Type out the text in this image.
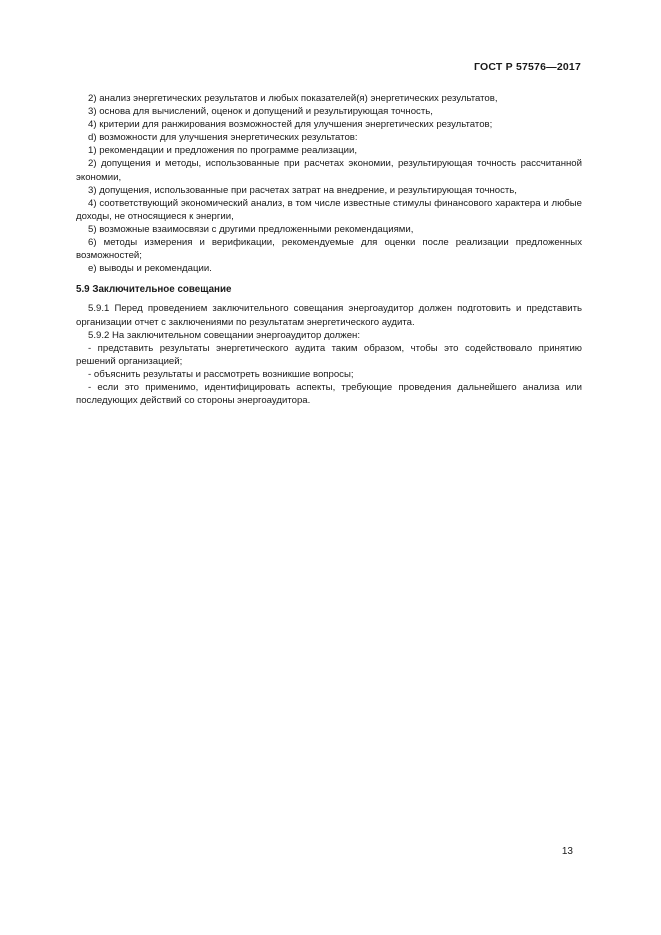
ГОСТ Р 57576—2017
2) анализ энергетических результатов и любых показателей(я) энергетических результатов,
3) основа для вычислений, оценок и допущений и результирующая точность,
4) критерии для ранжирования возможностей для улучшения энергетических результатов;
d) возможности для улучшения энергетических результатов:
1) рекомендации и предложения по программе реализации,
2) допущения и методы, использованные при расчетах экономии, результирующая точность рассчитанной экономии,
3) допущения, использованные при расчетах затрат на внедрение, и результирующая точность,
4) соответствующий экономический анализ, в том числе известные стимулы финансового характера и любые доходы, не относящиеся к энергии,
5) возможные взаимосвязи с другими предложенными рекомендациями,
6) методы измерения и верификации, рекомендуемые для оценки после реализации предложенных возможностей;
е) выводы и рекомендации.
5.9 Заключительное совещание
5.9.1 Перед проведением заключительного совещания энергоаудитор должен подготовить и представить организации отчет с заключениями по результатам энергетического аудита.
5.9.2 На заключительном совещании энергоаудитор должен:
- представить результаты энергетического аудита таким образом, чтобы это содействовало принятию решений организацией;
- объяснить результаты и рассмотреть возникшие вопросы;
- если это применимо, идентифицировать аспекты, требующие проведения дальнейшего анализа или последующих действий со стороны энергоаудитора.
13
